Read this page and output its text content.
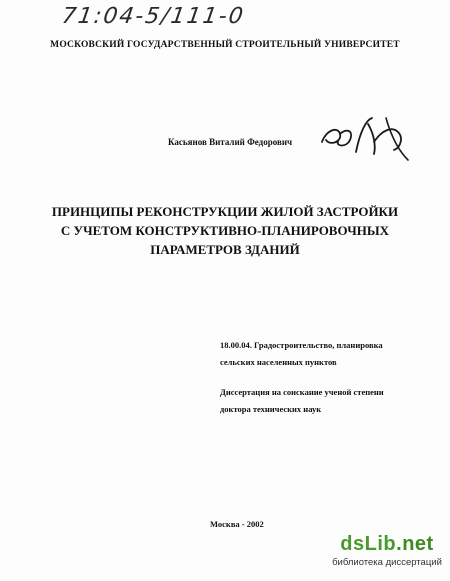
71:04-5/111-0
МОСКОВСКИЙ ГОСУДАРСТВЕННЫЙ СТРОИТЕЛЬНЫЙ УНИВЕРСИТЕТ
Касьянов Виталий Федорович
ПРИНЦИПЫ РЕКОНСТРУКЦИИ ЖИЛОЙ ЗАСТРОЙКИ
С УЧЕТОМ КОНСТРУКТИВНО-ПЛАНИРОВОЧНЫХ
ПАРАМЕТРОВ ЗДАНИЙ
18.00.04. Градостроительство, планировка
сельских населенных пунктов
Диссертация на соискание ученой степени
доктора технических наук
Москва - 2002
dsLib.net
библиотека диссертаций
